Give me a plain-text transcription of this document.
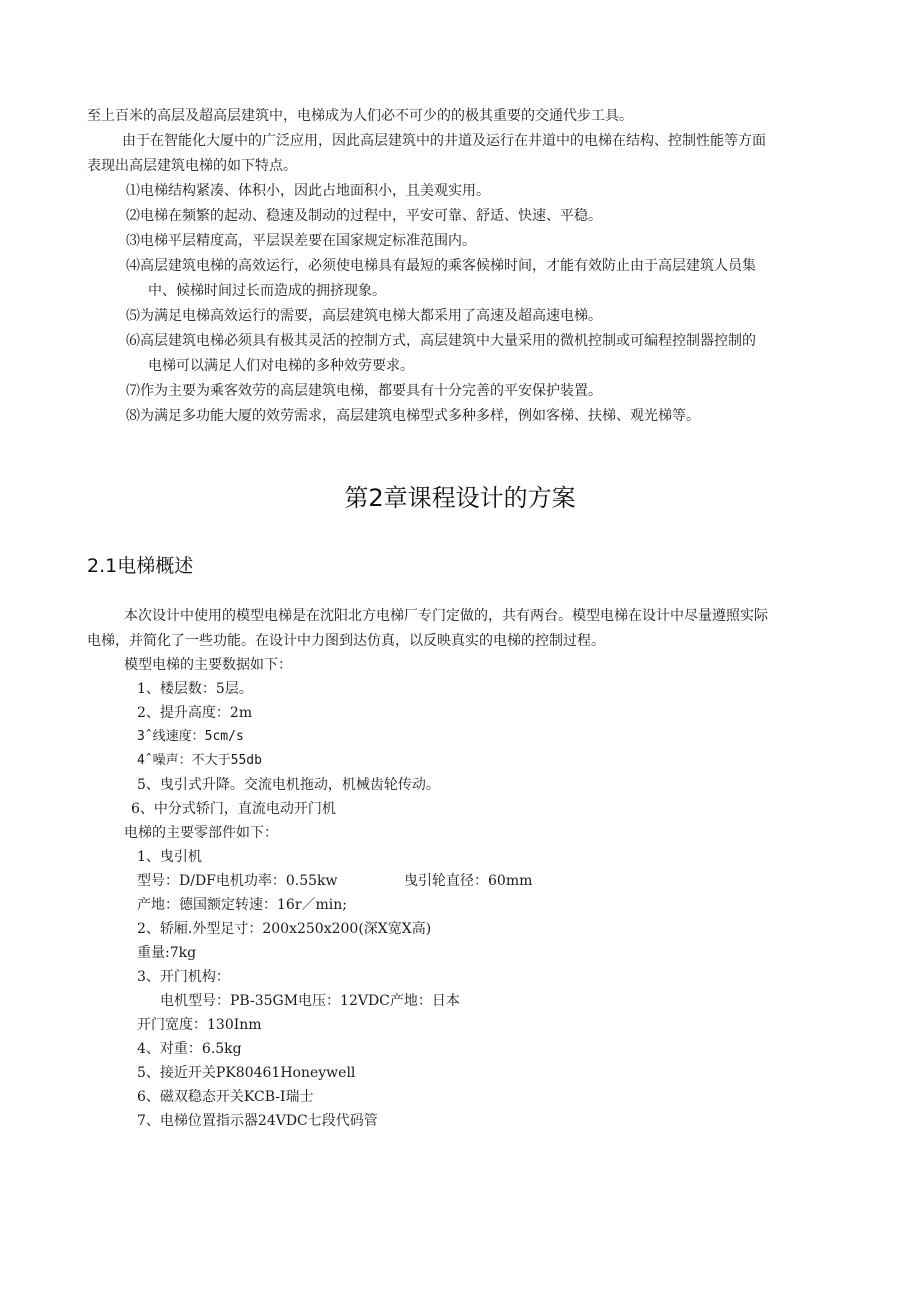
至上百米的高层及超高层建筑中，电梯成为人们必不可少的的极其重要的交通代步工具。
由于在智能化大厦中的广泛应用，因此高层建筑中的井道及运行在井道中的电梯在结构、控制性能等方面
表现出高层建筑电梯的如下特点。
⑴电梯结构紧凑、体积小，因此占地面积小，且美观实用。
⑵电梯在频繁的起动、稳速及制动的过程中，平安可靠、舒适、快速、平稳。
⑶电梯平层精度高，平层误差要在国家规定标准范围内。
⑷高层建筑电梯的高效运行，必须使电梯具有最短的乘客候梯时间，才能有效防止由于高层建筑人员集
中、候梯时间过长而造成的拥挤现象。
⑸为满足电梯高效运行的需要，高层建筑电梯大都采用了高速及超高速电梯。
⑹高层建筑电梯必须具有极其灵活的控制方式，高层建筑中大量采用的微机控制或可编程控制器控制的
电梯可以满足人们对电梯的多种效劳要求。
⑺作为主要为乘客效劳的高层建筑电梯，都要具有十分完善的平安保护装置。
⑻为满足多功能大厦的效劳需求，高层建筑电梯型式多种多样，例如客梯、扶梯、观光梯等。
第2章课程设计的方案
2.1电梯概述
本次设计中使用的模型电梯是在沈阳北方电梯厂专门定做的，共有两台。模型电梯在设计中尽量遵照实际
电梯，并简化了一些功能。在设计中力图到达仿真，以反映真实的电梯的控制过程。
模型电梯的主要数据如下：
1、楼层数：5层。
2、提升高度：2m
3ˆ线速度：5cm/s
4ˆ噪声：不大于55db
5、曳引式升降。交流电机拖动，机械齿轮传动。
6、中分式轿门，直流电动开门机
电梯的主要零部件如下：
1、曳引机
型号：D/DF电机功率：0.55kw	曳引轮直径：60mm
产地：德国额定转速：16r／min;
2、轿厢.外型足寸：200x250x200(深X宽X高)
重量:7kg
3、开门机构：
电机型号：PB-35GM电压：12VDC产地：日本
开门宽度：130Inm
4、对重：6.5kg
5、接近开关PK80461Honeywell
6、磁双稳态开关KCB-I瑞士
7、电梯位置指示器24VDC七段代码管
